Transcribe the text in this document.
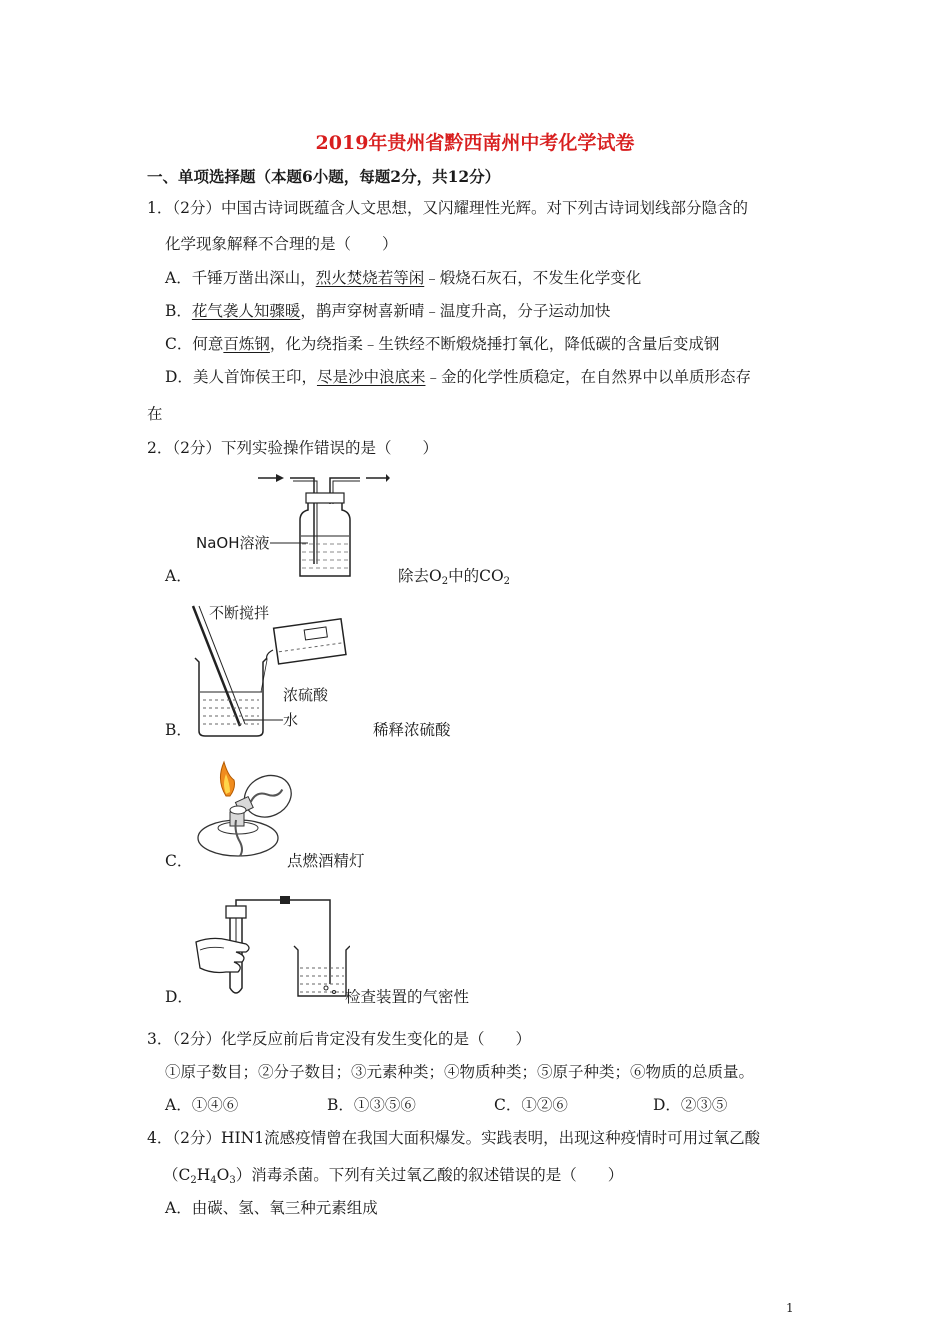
2019年贵州省黔西南州中考化学试卷
一、单项选择题（本题6小题，每题2分，共12分）
1．（2分）中国古诗词既蕴含人文思想，又闪耀理性光辉。对下列古诗词划线部分隐含的
化学现象解释不合理的是（　　）
A．千锤万凿出深山，烈火焚烧若等闲﹣煅烧石灰石，不发生化学变化
B．花气袭人知骤暖，鹊声穿树喜新晴﹣温度升高，分子运动加快
C．何意百炼钢，化为绕指柔﹣生铁经不断煅烧捶打氧化，降低碳的含量后变成钢
D．美人首饰侯王印，尽是沙中浪底来﹣金的化学性质稳定，在自然界中以单质形态存
在
2．（2分）下列实验操作错误的是（　　）
A．
NaOH溶液
除去$O_2$中的$CO_2$
B．
不断搅拌
浓硫酸
水
稀释浓硫酸
C．	点燃酒精灯
D．	检查装置的气密性
3．（2分）化学反应前后肯定没有发生变化的是（　　）
①原子数目；②分子数目；③元素种类；④物质种类；⑤原子种类；⑥物质的总质量。
A．①④⑥	B．①③⑤⑥	C．①②⑥	D．②③⑤
4．（2分）HIN1流感疫情曾在我国大面积爆发。实践表明，出现这种疫情时可用过氧乙酸
$(C_2H_4O_3)$消毒杀菌。下列有关过氧乙酸的叙述错误的是（　　）
A．由碳、氢、氧三种元素组成
1
